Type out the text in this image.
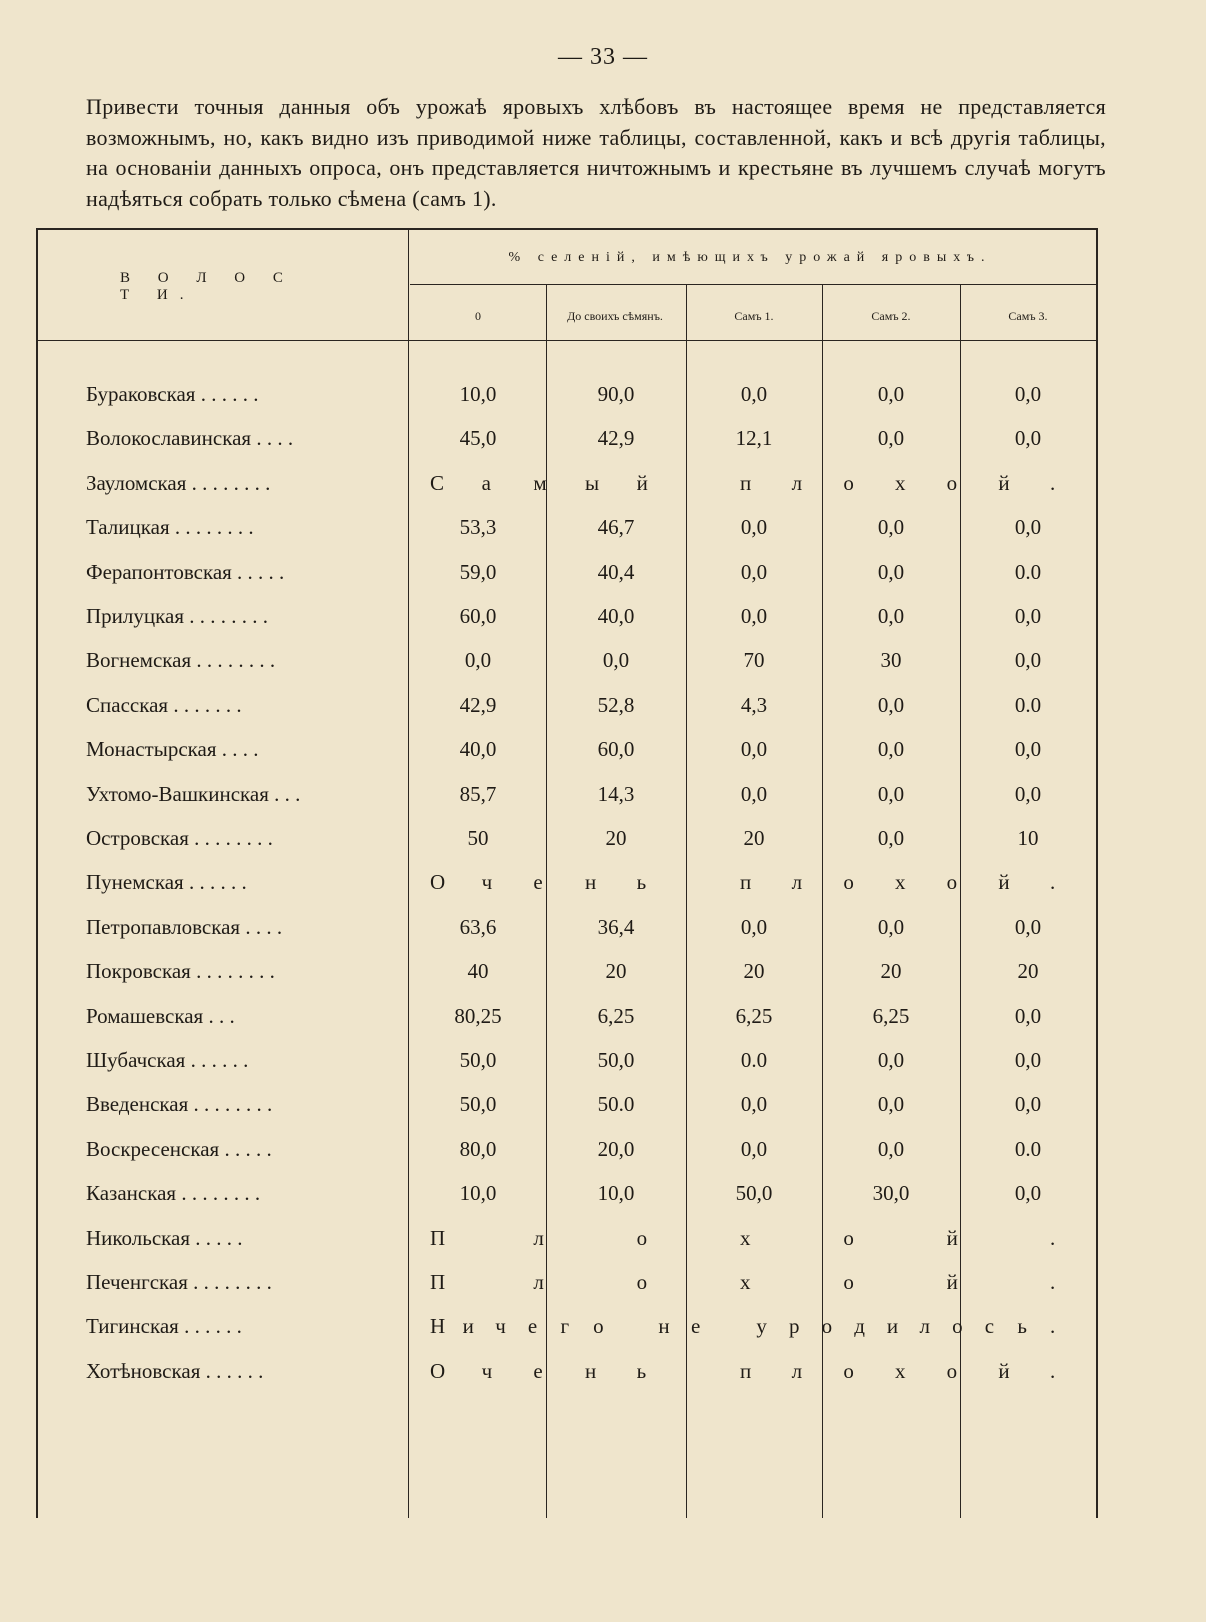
— 33 —
Привести точныя данныя объ урожаѣ яровыхъ хлѣбовъ въ настоящее время не представляется возможнымъ, но, какъ видно изъ приводимой ниже таблицы, составленной, какъ и всѣ другія таблицы, на основаніи данныхъ опроса, онъ представляется ничтожнымъ и крестьяне въ лучшемъ случаѣ могутъ надѣяться собрать только сѣмена (самъ 1).
В О Л О С Т И.
% селеній, имѣющихъ урожай яровыхъ.
0	До своихъ сѣмянъ.	Самъ 1.	Самъ 2.	Самъ 3.
Бураковская . . . . . .	10,0	90,0	0,0	0,0	0,0
Волокославинская . . . .	45,0	42,9	12,1	0,0	0,0
Зауломская . . . . . . . .	С а м ы й	п л о х о й .
Талицкая . . . . . . . .	53,3	46,7	0,0	0,0	0,0
Ферапонтовская . . . . .	59,0	40,4	0,0	0,0	0.0
Прилуцкая . . . . . . . .	60,0	40,0	0,0	0,0	0,0
Вогнемская . . . . . . . .	0,0	0,0	70	30	0,0
Спасская . . . . . . .	42,9	52,8	4,3	0,0	0.0
Монастырская . . . .	40,0	60,0	0,0	0,0	0,0
Ухтомо-Вашкинская . . .	85,7	14,3	0,0	0,0	0,0
Островская . . . . . . . .	50	20	20	0,0	10
Пунемская . . . . . .	О ч е н ь	п л о х о й .
Петропавловская . . . .	63,6	36,4	0,0	0,0	0,0
Покровская . . . . . . . .	40	20	20	20	20
Ромашевская . . .	80,25	6,25	6,25	6,25	0,0
Шубачская . . . . . .	50,0	50,0	0.0	0,0	0,0
Введенская . . . . . . . .	50,0	50.0	0,0	0,0	0,0
Воскресенская . . . . .	80,0	20,0	0,0	0,0	0.0
Казанская . . . . . . . .	10,0	10,0	50,0	30,0	0,0
Никольская . . . . .	П	л	о	х	о	й	.
Печенгская . . . . . . . .	П	л	о	х	о	й	.
Тигинская . . . . . .	Н и ч е г о	н е	у р о д и л о с ь .
Хотѣновская . . . . . .	О ч е н ь	п л о х о й .
